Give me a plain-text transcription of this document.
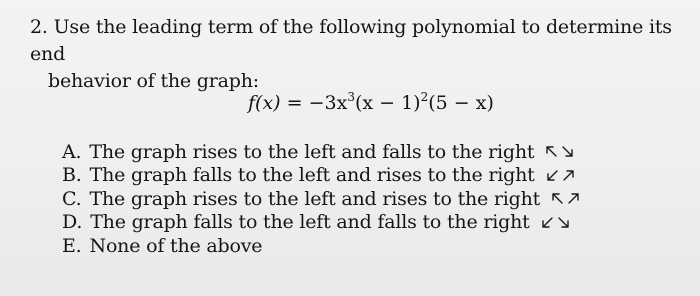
2. Use the leading term of the following polynomial to determine its end
behavior of the graph:
$f(x) = -3x^3(x - 1)^2(5 - x)$
A. The graph rises to the left and falls to the right
B. The graph falls to the left and rises to the right
C. The graph rises to the left and rises to the right
D. The graph falls to the left and falls to the right
E. None of the above
